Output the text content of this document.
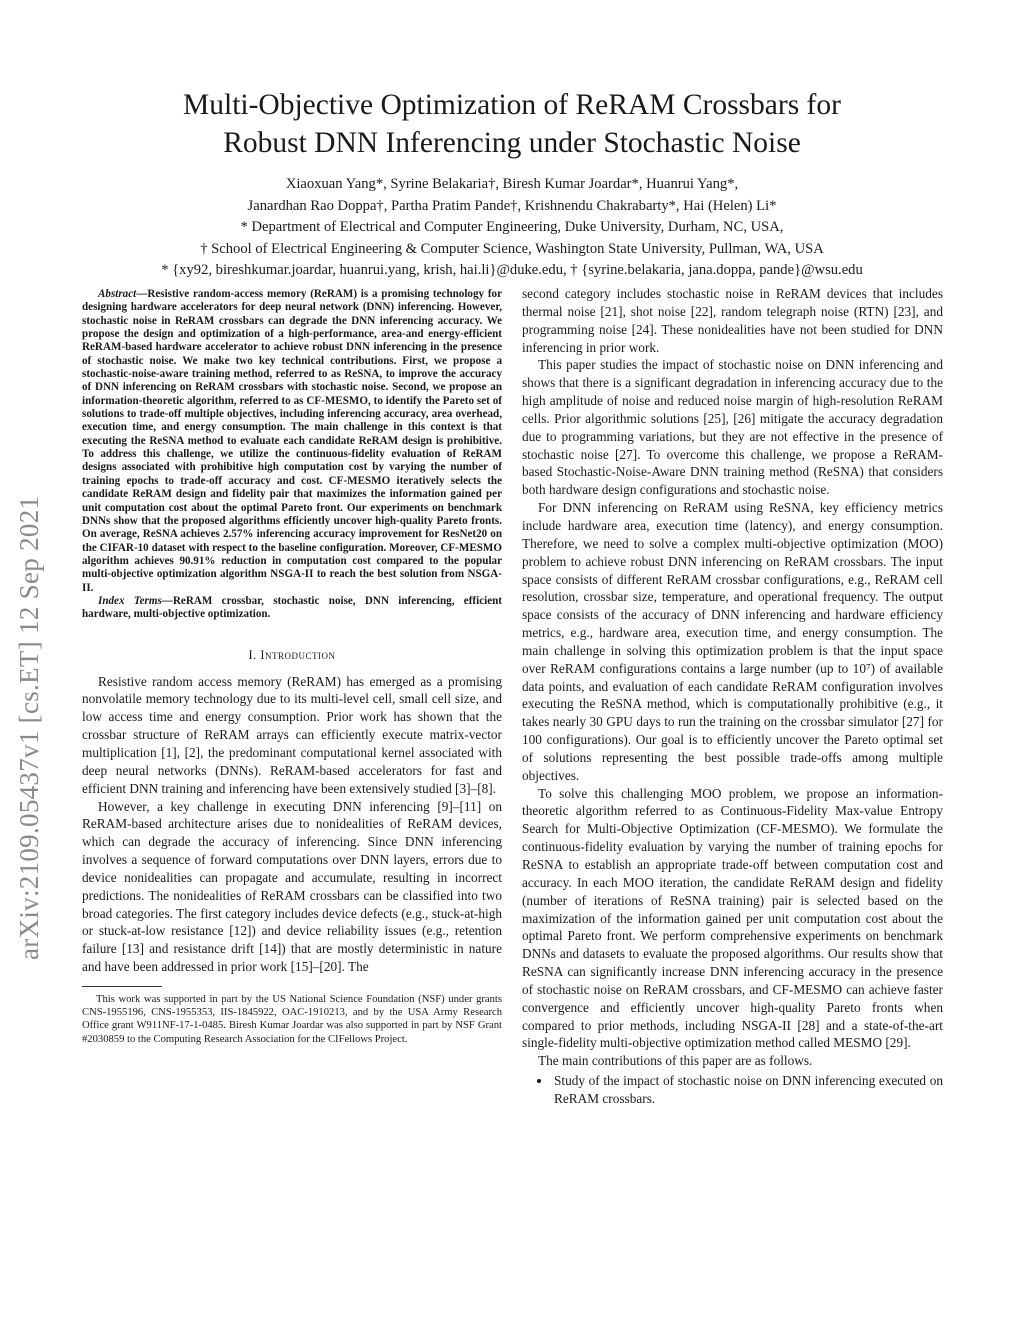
Multi-Objective Optimization of ReRAM Crossbars for
Robust DNN Inferencing under Stochastic Noise
Xiaoxuan Yang*, Syrine Belakaria†, Biresh Kumar Joardar*, Huanrui Yang*,
Janardhan Rao Doppa†, Partha Pratim Pande†, Krishnendu Chakrabarty*, Hai (Helen) Li*
* Department of Electrical and Computer Engineering, Duke University, Durham, NC, USA,
† School of Electrical Engineering & Computer Science, Washington State University, Pullman, WA, USA
* {xy92, bireshkumar.joardar, huanrui.yang, krish, hai.li}@duke.edu, † {syrine.belakaria, jana.doppa, pande}@wsu.edu
arXiv:2109.05437v1 [cs.ET] 12 Sep 2021

Abstract—Resistive random-access memory (ReRAM) is a promising technology for designing hardware accelerators for deep neural network (DNN) inferencing. However, stochastic noise in ReRAM crossbars can degrade the DNN inferencing accuracy. We propose the design and optimization of a high-performance, area-and energy-efficient ReRAM-based hardware accelerator to achieve robust DNN inferencing in the presence of stochastic noise. We make two key technical contributions. First, we propose a stochastic-noise-aware training method, referred to as ReSNA, to improve the accuracy of DNN inferencing on ReRAM crossbars with stochastic noise. Second, we propose an information-theoretic algorithm, referred to as CF-MESMO, to identify the Pareto set of solutions to trade-off multiple objectives, including inferencing accuracy, area overhead, execution time, and energy consumption. The main challenge in this context is that executing the ReSNA method to evaluate each candidate ReRAM design is prohibitive. To address this challenge, we utilize the continuous-fidelity evaluation of ReRAM designs associated with prohibitive high computation cost by varying the number of training epochs to trade-off accuracy and cost. CF-MESMO iteratively selects the candidate ReRAM design and fidelity pair that maximizes the information gained per unit computation cost about the optimal Pareto front. Our experiments on benchmark DNNs show that the proposed algorithms efficiently uncover high-quality Pareto fronts. On average, ReSNA achieves 2.57% inferencing accuracy improvement for ResNet20 on the CIFAR-10 dataset with respect to the baseline configuration. Moreover, CF-MESMO algorithm achieves 90.91% reduction in computation cost compared to the popular multi-objective optimization algorithm NSGA-II to reach the best solution from NSGA-II.

Index Terms—ReRAM crossbar, stochastic noise, DNN inferencing, efficient hardware, multi-objective optimization.

I. Introduction

Resistive random access memory (ReRAM) has emerged as a promising nonvolatile memory technology due to its multi-level cell, small cell size, and low access time and energy consumption. Prior work has shown that the crossbar structure of ReRAM arrays can efficiently execute matrix-vector multiplication [1], [2], the predominant computational kernel associated with deep neural networks (DNNs). ReRAM-based accelerators for fast and efficient DNN training and inferencing have been extensively studied [3]–[8].

However, a key challenge in executing DNN inferencing [9]–[11] on ReRAM-based architecture arises due to nonidealities of ReRAM devices, which can degrade the accuracy of inferencing. Since DNN inferencing involves a sequence of forward computations over DNN layers, errors due to device nonidealities can propagate and accumulate, resulting in incorrect predictions. The nonidealities of ReRAM crossbars can be classified into two broad categories. The first category includes device defects (e.g., stuck-at-high or stuck-at-low resistance [12]) and device reliability issues (e.g., retention failure [13] and resistance drift [14]) that are mostly deterministic in nature and have been addressed in prior work [15]–[20]. The

This work was supported in part by the US National Science Foundation (NSF) under grants CNS-1955196, CNS-1955353, IIS-1845922, OAC-1910213, and by the USA Army Research Office grant W911NF-17-1-0485. Biresh Kumar Joardar was also supported in part by NSF Grant #2030859 to the Computing Research Association for the CIFellows Project.

second category includes stochastic noise in ReRAM devices that includes thermal noise [21], shot noise [22], random telegraph noise (RTN) [23], and programming noise [24]. These nonidealities have not been studied for DNN inferencing in prior work.

This paper studies the impact of stochastic noise on DNN inferencing and shows that there is a significant degradation in inferencing accuracy due to the high amplitude of noise and reduced noise margin of high-resolution ReRAM cells. Prior algorithmic solutions [25], [26] mitigate the accuracy degradation due to programming variations, but they are not effective in the presence of stochastic noise [27]. To overcome this challenge, we propose a ReRAM-based Stochastic-Noise-Aware DNN training method (ReSNA) that considers both hardware design configurations and stochastic noise.

For DNN inferencing on ReRAM using ReSNA, key efficiency metrics include hardware area, execution time (latency), and energy consumption. Therefore, we need to solve a complex multi-objective optimization (MOO) problem to achieve robust DNN inferencing on ReRAM crossbars. The input space consists of different ReRAM crossbar configurations, e.g., ReRAM cell resolution, crossbar size, temperature, and operational frequency. The output space consists of the accuracy of DNN inferencing and hardware efficiency metrics, e.g., hardware area, execution time, and energy consumption. The main challenge in solving this optimization problem is that the input space over ReRAM configurations contains a large number (up to 10⁷) of available data points, and evaluation of each candidate ReRAM configuration involves executing the ReSNA method, which is computationally prohibitive (e.g., it takes nearly 30 GPU days to run the training on the crossbar simulator [27] for 100 configurations). Our goal is to efficiently uncover the Pareto optimal set of solutions representing the best possible trade-offs among multiple objectives.

To solve this challenging MOO problem, we propose an information-theoretic algorithm referred to as Continuous-Fidelity Max-value Entropy Search for Multi-Objective Optimization (CF-MESMO). We formulate the continuous-fidelity evaluation by varying the number of training epochs for ReSNA to establish an appropriate trade-off between computation cost and accuracy. In each MOO iteration, the candidate ReRAM design and fidelity (number of iterations of ReSNA training) pair is selected based on the maximization of the information gained per unit computation cost about the optimal Pareto front. We perform comprehensive experiments on benchmark DNNs and datasets to evaluate the proposed algorithms. Our results show that ReSNA can significantly increase DNN inferencing accuracy in the presence of stochastic noise on ReRAM crossbars, and CF-MESMO can achieve faster convergence and efficiently uncover high-quality Pareto fronts when compared to prior methods, including NSGA-II [28] and a state-of-the-art single-fidelity multi-objective optimization method called MESMO [29].

The main contributions of this paper are as follows.

• Study of the impact of stochastic noise on DNN inferencing executed on ReRAM crossbars.
